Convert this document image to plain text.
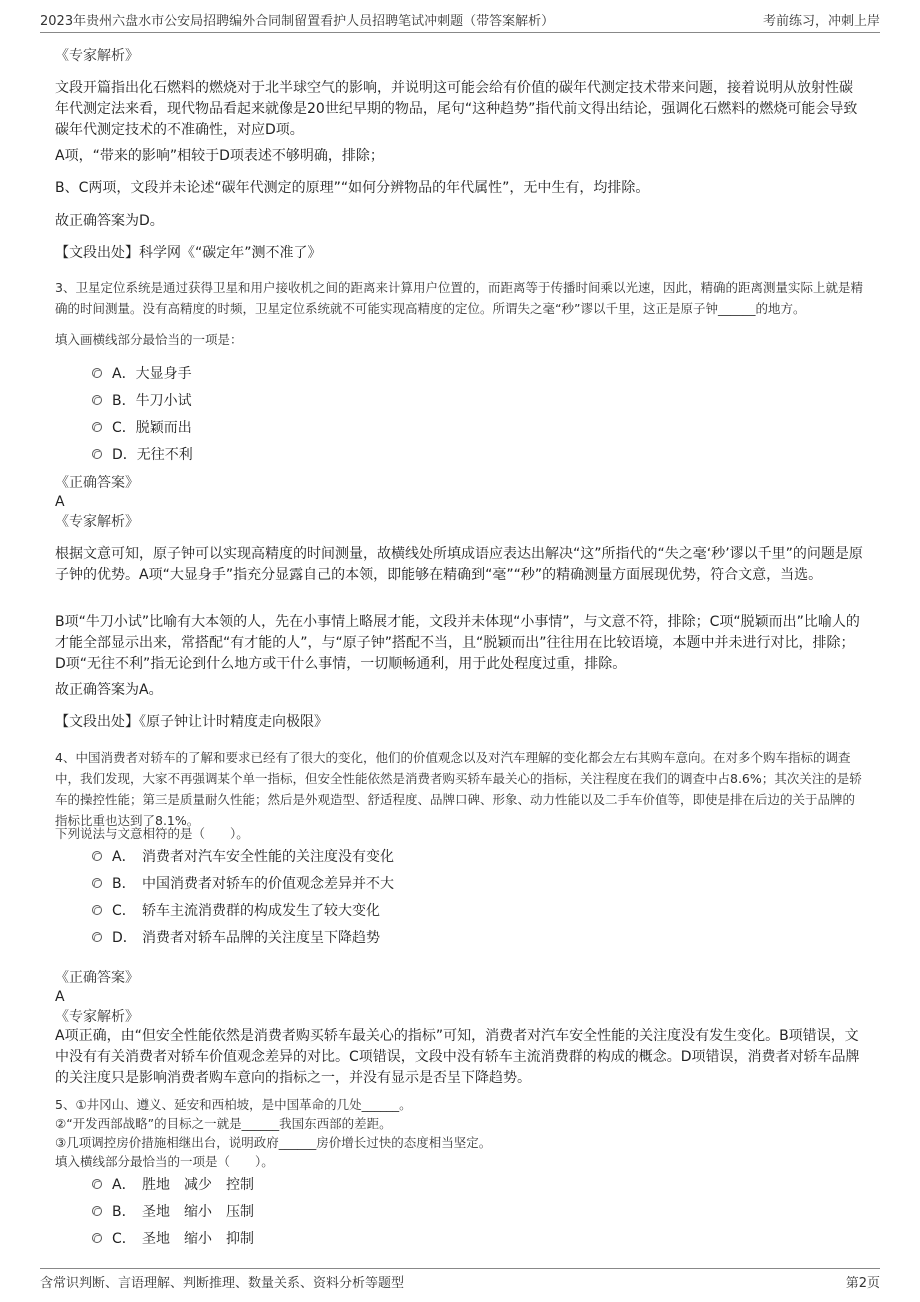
2023年贵州六盘水市公安局招聘编外合同制留置看护人员招聘笔试冲刺题（带答案解析）	考前练习，冲刺上岸
《专家解析》

文段开篇指出化石燃料的燃烧对于北半球空气的影响，并说明这可能会给有价值的碳年代测定技术带来问题，接着说明从放射性碳年代测定法来看，现代物品看起来就像是20世纪早期的物品，尾句“这种趋势”指代前文得出结论，强调化石燃料的燃烧可能会导致碳年代测定技术的不准确性，对应D项。

A项，“带来的影响”相较于D项表述不够明确，排除；

B、C两项，文段并未论述“碳年代测定的原理”“如何分辨物品的年代属性”，无中生有，均排除。

故正确答案为D。

【文段出处】科学网《“碳定年”测不准了》

3、卫星定位系统是通过获得卫星和用户接收机之间的距离来计算用户位置的，而距离等于传播时间乘以光速，因此，精确的距离测量实际上就是精确的时间测量。没有高精度的时频，卫星定位系统就不可能实现高精度的定位。所谓失之毫“秒”谬以千里，这正是原子钟______的地方。

填入画横线部分最恰当的一项是：

A． 大显身手
B． 牛刀小试
C． 脱颖而出
D． 无往不利
《正确答案》
A
《专家解析》

根据文意可知，原子钟可以实现高精度的时间测量，故横线处所填成语应表达出解决“这”所指代的“失之毫‘秒’谬以千里”的问题是原子钟的优势。A项“大显身手”指充分显露自己的本领，即能够在精确到“毫”“秒”的精确测量方面展现优势，符合文意，当选。

B项“牛刀小试”比喻有大本领的人，先在小事情上略展才能，文段并未体现“小事情”，与文意不符，排除；C项“脱颖而出”比喻人的才能全部显示出来，常搭配“有才能的人”，与“原子钟”搭配不当，且“脱颖而出”往往用在比较语境，本题中并未进行对比，排除；D项“无往不利”指无论到什么地方或干什么事情，一切顺畅通利，用于此处程度过重，排除。

故正确答案为A。

【文段出处】《原子钟让计时精度走向极限》

4、中国消费者对轿车的了解和要求已经有了很大的变化，他们的价值观念以及对汽车理解的变化都会左右其购车意向。在对多个购车指标的调查中，我们发现，大家不再强调某个单一指标，但安全性能依然是消费者购买轿车最关心的指标，关注程度在我们的调查中占8.6%；其次关注的是轿车的操控性能；第三是质量耐久性能；然后是外观造型、舒适程度、品牌口碑、形象、动力性能以及二手车价值等，即使是排在后边的关于品牌的指标比重也达到了8.1%。

下列说法与文意相符的是（　　）。

A． 消费者对汽车安全性能的关注度没有变化
B． 中国消费者对轿车的价值观念差异并不大
C． 轿车主流消费群的构成发生了较大变化
D． 消费者对轿车品牌的关注度呈下降趋势
《正确答案》
A
《专家解析》

A项正确，由“但安全性能依然是消费者购买轿车最关心的指标”可知，消费者对汽车安全性能的关注度没有发生变化。B项错误，文中没有有关消费者对轿车价值观念差异的对比。C项错误，文段中没有轿车主流消费群的构成的概念。D项错误，消费者对轿车品牌的关注度只是影响消费者购车意向的指标之一，并没有显示是否呈下降趋势。

5、①井冈山、遵义、延安和西柏坡，是中国革命的几处______。

②“开发西部战略”的目标之一就是______我国东西部的差距。

③几项调控房价措施相继出台，说明政府______房价增长过快的态度相当坚定。

填入横线部分最恰当的一项是（　　）。

A． 胜地　减少　控制
B． 圣地　缩小　压制
C． 圣地　缩小　抑制
含常识判断、言语理解、判断推理、数量关系、资料分析等题型	第2页
